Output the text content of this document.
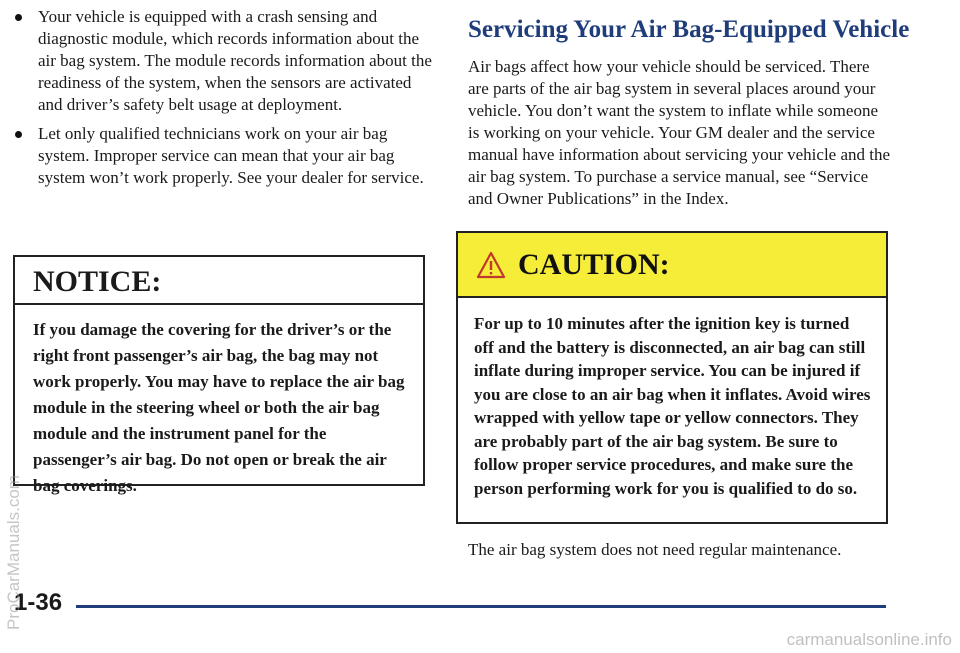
Your vehicle is equipped with a crash sensing and diagnostic module, which records information about the air bag system. The module records information about the readiness of the system, when the sensors are activated and driver’s safety belt usage at deployment.
Let only qualified technicians work on your air bag system. Improper service can mean that your air bag system won’t work properly. See your dealer for service.
NOTICE:
If you damage the covering for the driver’s or the right front passenger’s air bag, the bag may not work properly. You may have to replace the air bag module in the steering wheel or both the air bag module and the instrument panel for the passenger’s air bag. Do not open or break the air bag coverings.
Servicing Your Air Bag-Equipped Vehicle

Air bags affect how your vehicle should be serviced. There are parts of the air bag system in several places around your vehicle. You don’t want the system to inflate while someone is working on your vehicle. Your GM dealer and the service manual have information about servicing your vehicle and the air bag system. To purchase a service manual, see “Service and Owner Publications” in the Index.

CAUTION:
For up to 10 minutes after the ignition key is turned off and the battery is disconnected, an air bag can still inflate during improper service. You can be injured if you are close to an air bag when it inflates. Avoid wires wrapped with yellow tape or yellow connectors. They are probably part of the air bag system. Be sure to follow proper service procedures, and make sure the person performing work for you is qualified to do so.

The air bag system does not need regular maintenance.

1-36

ProCarManuals.com
carmanualsonline.info
